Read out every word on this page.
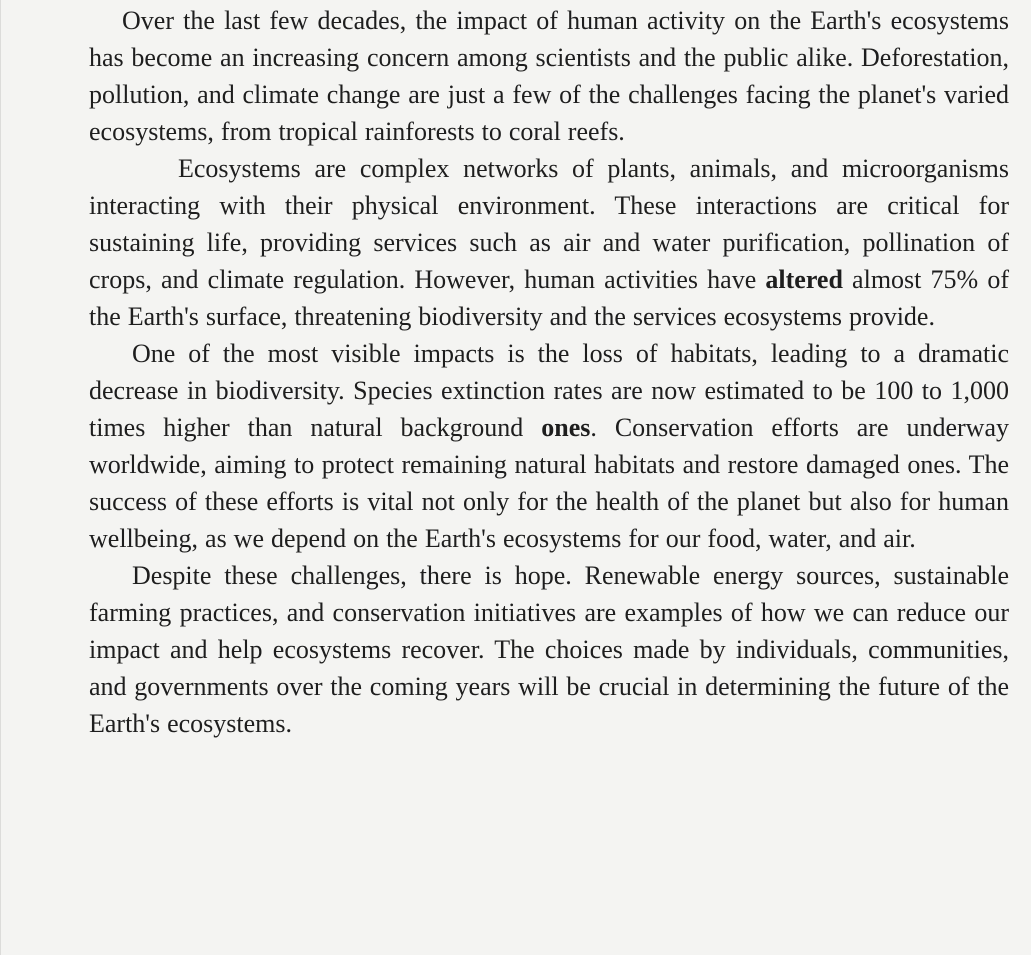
Over the last few decades, the impact of human activity on the Earth's ecosystems has become an increasing concern among scientists and the public alike. Deforestation, pollution, and climate change are just a few of the challenges facing the planet's varied ecosystems, from tropical rainforests to coral reefs.

Ecosystems are complex networks of plants, animals, and microorganisms interacting with their physical environment. These interactions are critical for sustaining life, providing services such as air and water purification, pollination of crops, and climate regulation. However, human activities have altered almost 75% of the Earth's surface, threatening biodiversity and the services ecosystems provide.

One of the most visible impacts is the loss of habitats, leading to a dramatic decrease in biodiversity. Species extinction rates are now estimated to be 100 to 1,000 times higher than natural background ones. Conservation efforts are underway worldwide, aiming to protect remaining natural habitats and restore damaged ones. The success of these efforts is vital not only for the health of the planet but also for human wellbeing, as we depend on the Earth's ecosystems for our food, water, and air.

Despite these challenges, there is hope. Renewable energy sources, sustainable farming practices, and conservation initiatives are examples of how we can reduce our impact and help ecosystems recover. The choices made by individuals, communities, and governments over the coming years will be crucial in determining the future of the Earth's ecosystems.
